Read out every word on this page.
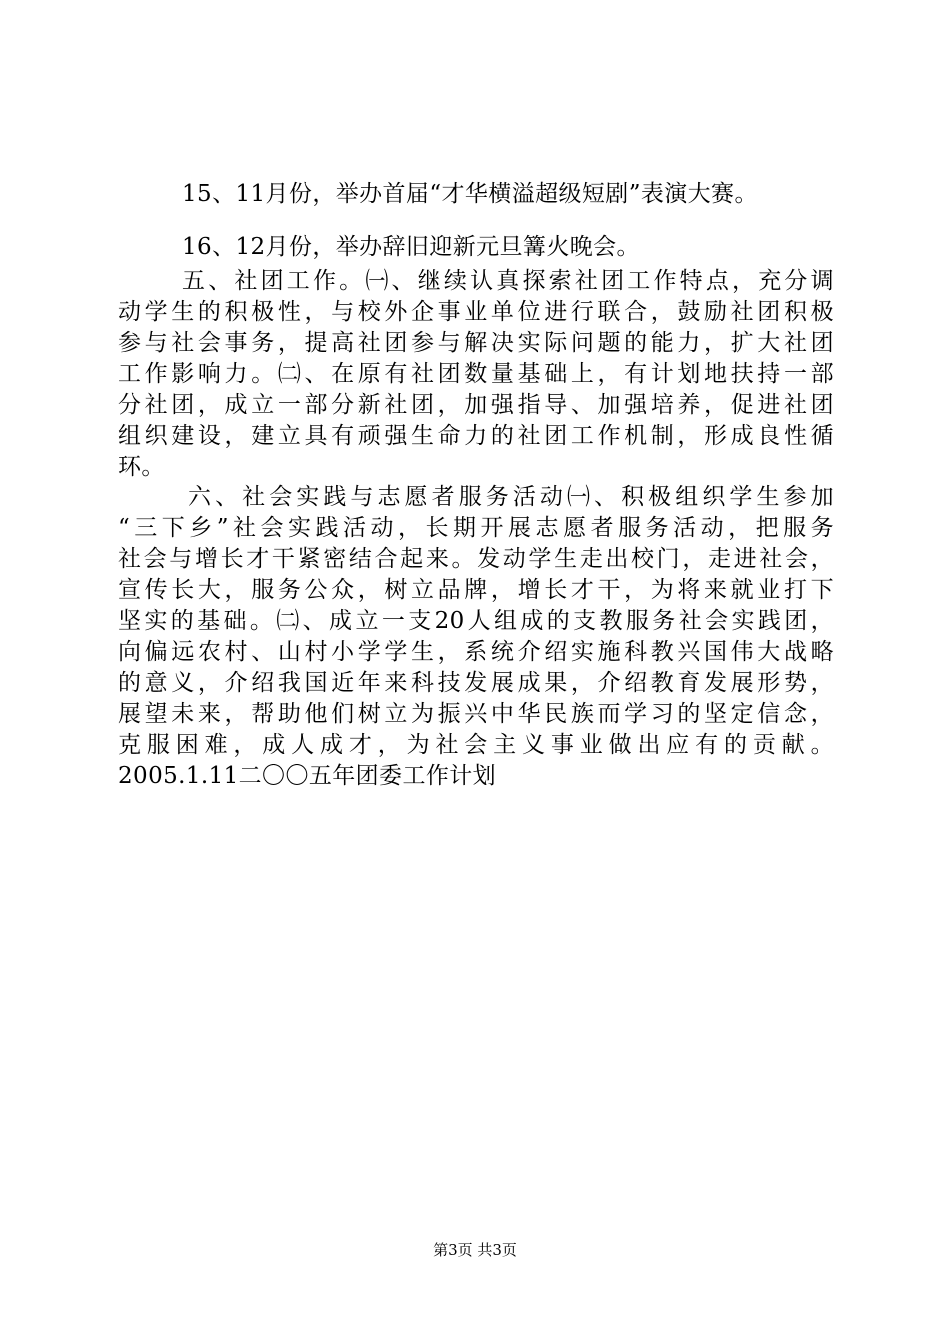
15、11月份，举办首届“才华横溢超级短剧”表演大赛。
16、12月份，举办辞旧迎新元旦篝火晚会。
五、社团工作。㈠、继续认真探索社团工作特点，充分调
动学生的积极性，与校外企事业单位进行联合，鼓励社团积极
参与社会事务，提高社团参与解决实际问题的能力，扩大社团
工作影响力。㈡、在原有社团数量基础上，有计划地扶持一部
分社团，成立一部分新社团，加强指导、加强培养，促进社团
组织建设，建立具有顽强生命力的社团工作机制，形成良性循
环。
六、社会实践与志愿者服务活动㈠、积极组织学生参加
“三下乡”社会实践活动，长期开展志愿者服务活动，把服务
社会与增长才干紧密结合起来。发动学生走出校门，走进社会，
宣传长大，服务公众，树立品牌，增长才干，为将来就业打下
坚实的基础。㈡、成立一支20人组成的支教服务社会实践团，
向偏远农村、山村小学学生，系统介绍实施科教兴国伟大战略
的意义，介绍我国近年来科技发展成果，介绍教育发展形势，
展望未来，帮助他们树立为振兴中华民族而学习的坚定信念，
克服困难，成人成才，为社会主义事业做出应有的贡献。
2005.1.11二〇〇五年团委工作计划
第3页 共3页
